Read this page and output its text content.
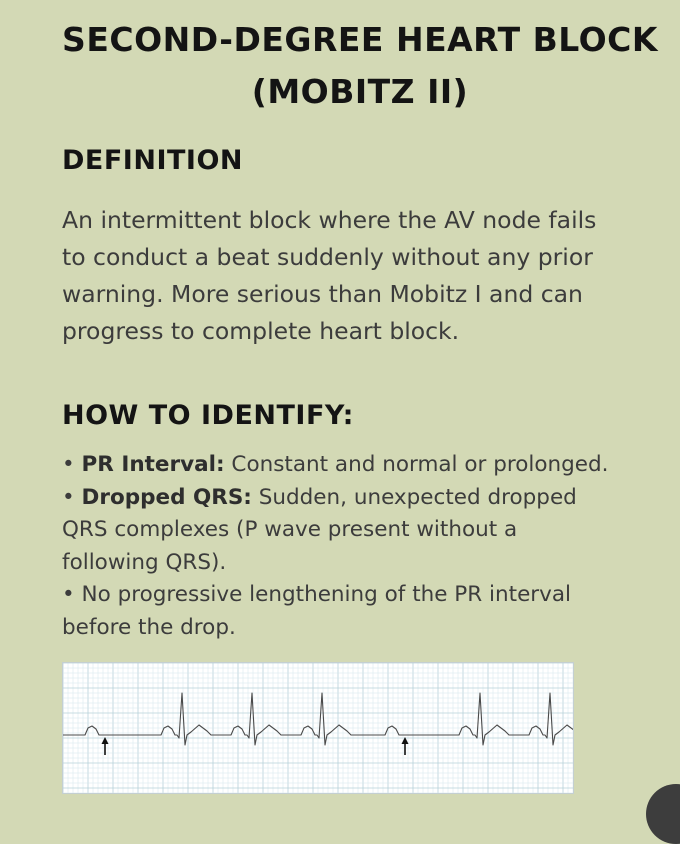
SECOND-DEGREE HEART BLOCK
(MOBITZ II)
DEFINITION
An intermittent block where the AV node fails
to conduct a beat suddenly without any prior
warning. More serious than Mobitz I and can
progress to complete heart block.
HOW TO IDENTIFY:
• PR Interval: Constant and normal or prolonged.
• Dropped QRS: Sudden, unexpected dropped
QRS complexes (P wave present without a
following QRS).
• No progressive lengthening of the PR interval
before the drop.
